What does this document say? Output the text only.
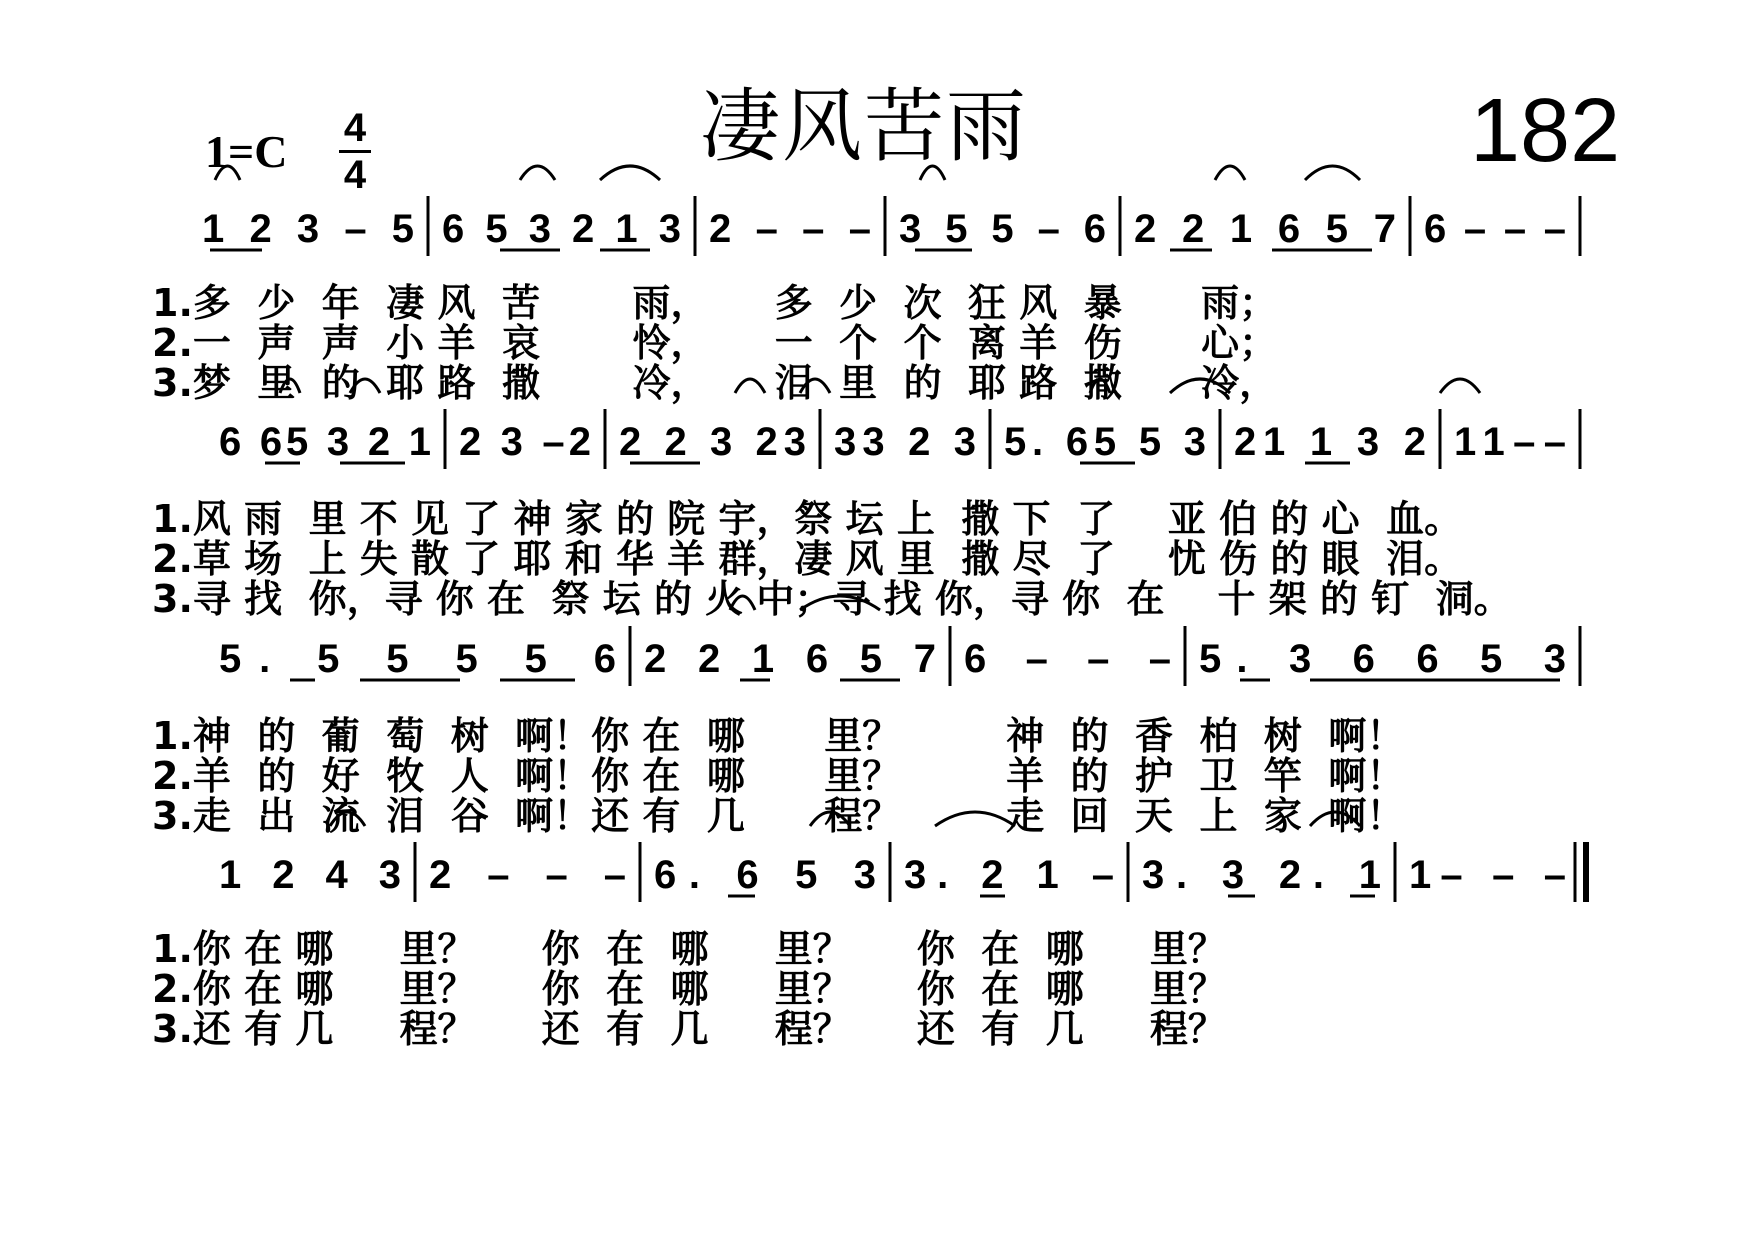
凄风苦雨	182
1=C 4
4
1 2 3 – 5 6 5 3 2 1 3 2 – – – 3 5 5 – 6 2 2 1 6 5 7 6 – – –
6 65 3 2 1 2 3 –2 2 2 3 23 33 2 3 5. 65 5 3 21 1 3 2 11––
5. 5 5 5 5 6 2 2 1 6 5 7 6 – – – 5. 3 6 6 5 3
1 2 4 3 2 – – – 6. 6 5 3 3. 2 1 – 3. 3 2. 1 1– – –
1.多  少  年  凄 风  苦       雨，     多  少  次  狂 风  暴      雨；
2.一  声  声  小 羊  哀       怜，     一  个  个  离 羊  伤      心；
3.梦  里  的  耶 路  撒       冷，     泪  里  的  耶 路  撒      冷，
1.风 雨  里 不 见 了 神 家 的 院 宇，祭 坛 上  撒 下  了    亚 伯 的 心  血。
2.草 场  上 失 散 了 耶 和 华 羊 群，凄 风 里  撒 尽  了    忧 伤 的 眼  泪。
3.寻 找  你，寻 你 在  祭 坛 的 火 中；寻 找 你，寻 你  在    十 架 的 钉  洞。
1.神  的  葡  萄  树  啊！你 在  哪      里？        神  的  香  柏  树  啊！
2.羊  的  好  牧  人  啊！你 在  哪      里？        羊  的  护  卫  竿  啊！
3.走  出  流  泪  谷  啊！还 有  几      程？        走  回  天  上  家  啊！
1.你 在 哪     里？     你  在  哪     里？     你  在  哪     里？
2.你 在 哪     里？     你  在  哪     里？     你  在  哪     里？
3.还 有 几     程？     还  有  几     程？     还  有  几     程？
